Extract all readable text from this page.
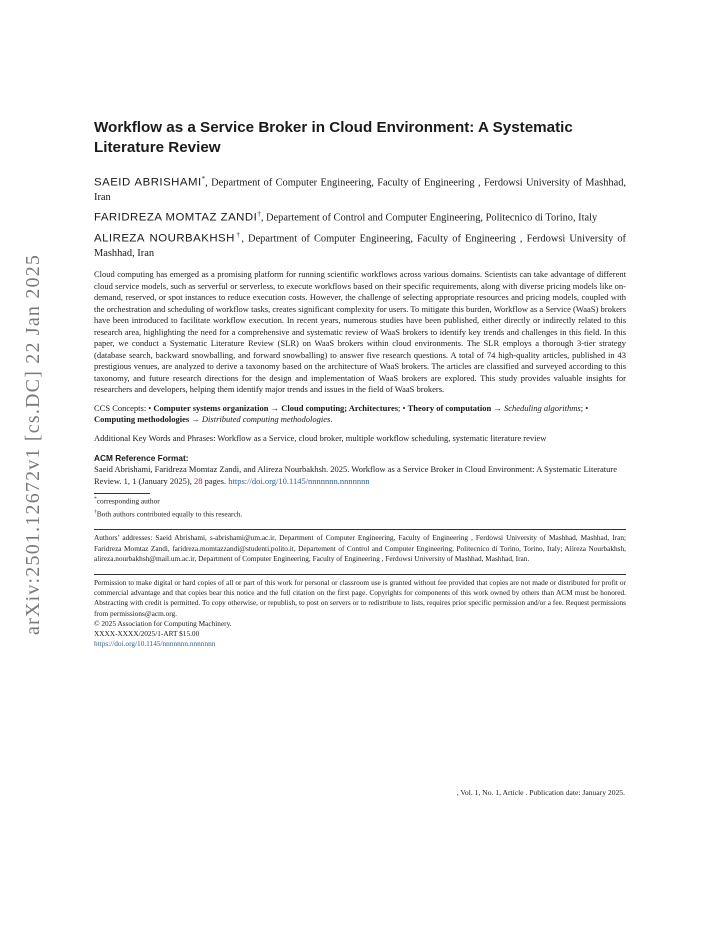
arXiv:2501.12672v1 [cs.DC] 22 Jan 2025
Workflow as a Service Broker in Cloud Environment: A Systematic Literature Review
SAEID ABRISHAMI*, Department of Computer Engineering, Faculty of Engineering , Ferdowsi University of Mashhad, Iran
FARIDREZA MOMTAZ ZANDI†, Departement of Control and Computer Engineering, Politecnico di Torino, Italy
ALIREZA NOURBAKHSH†, Department of Computer Engineering, Faculty of Engineering , Ferdowsi University of Mashhad, Iran
Cloud computing has emerged as a promising platform for running scientific workflows across various domains. Scientists can take advantage of different cloud service models, such as serverful or serverless, to execute workflows based on their specific requirements, along with diverse pricing models like on-demand, reserved, or spot instances to reduce execution costs. However, the challenge of selecting appropriate resources and pricing models, coupled with the orchestration and scheduling of workflow tasks, creates significant complexity for users. To mitigate this burden, Workflow as a Service (WaaS) brokers have been introduced to facilitate workflow execution. In recent years, numerous studies have been published, either directly or indirectly related to this research area, highlighting the need for a comprehensive and systematic review of WaaS brokers to identify key trends and challenges in this field. In this paper, we conduct a Systematic Literature Review (SLR) on WaaS brokers within cloud environments. The SLR employs a thorough 3-tier strategy (database search, backward snowballing, and forward snowballing) to answer five research questions. A total of 74 high-quality articles, published in 43 prestigious venues, are analyzed to derive a taxonomy based on the architecture of WaaS brokers. The articles are classified and surveyed according to this taxonomy, and future research directions for the design and implementation of WaaS brokers are explored. This study provides valuable insights for researchers and developers, helping them identify major trends and issues in the field of WaaS brokers.
CCS Concepts: • Computer systems organization → Cloud computing; Architectures; • Theory of computation → Scheduling algorithms; • Computing methodologies → Distributed computing methodologies.
Additional Key Words and Phrases: Workflow as a Service, cloud broker, multiple workflow scheduling, systematic literature review
ACM Reference Format:
Saeid Abrishami, Faridreza Momtaz Zandi, and Alireza Nourbakhsh. 2025. Workflow as a Service Broker in Cloud Environment: A Systematic Literature Review. 1, 1 (January 2025), 28 pages. https://doi.org/10.1145/nnnnnnn.nnnnnnn
*corresponding author
†Both authors contributed equally to this research.
Authors’ addresses: Saeid Abrishami, s-abrishami@um.ac.ir, Department of Computer Engineering, Faculty of Engineering , Ferdowsi University of Mashhad, Mashhad, Iran; Faridreza Momtaz Zandi, faridreza.momtazzandi@studenti.polito.it, Departement of Control and Computer Engineering, Politecnico di Torino, Torino, Italy; Alireza Nourbakhsh, alireza.nourbakhsh@mail.um.ac.ir, Department of Computer Engineering, Faculty of Engineering , Ferdowsi University of Mashhad, Mashhad, Iran.
Permission to make digital or hard copies of all or part of this work for personal or classroom use is granted without fee provided that copies are not made or distributed for profit or commercial advantage and that copies bear this notice and the full citation on the first page. Copyrights for components of this work owned by others than ACM must be honored. Abstracting with credit is permitted. To copy otherwise, or republish, to post on servers or to redistribute to lists, requires prior specific permission and/or a fee. Request permissions from permissions@acm.org.
© 2025 Association for Computing Machinery.
XXXX-XXXX/2025/1-ART $15.00
https://doi.org/10.1145/nnnnnnn.nnnnnnn
, Vol. 1, No. 1, Article . Publication date: January 2025.
